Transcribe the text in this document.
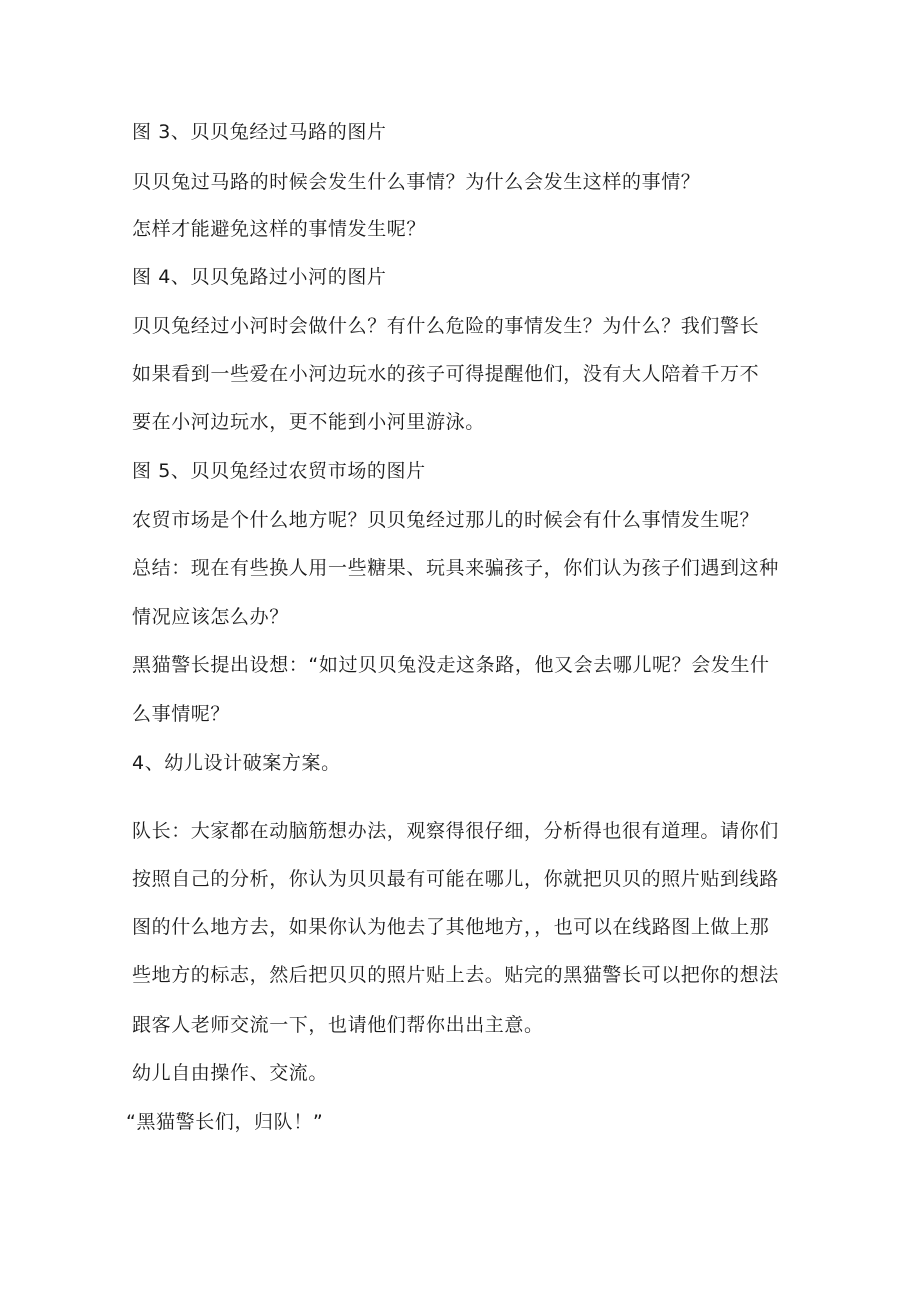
图 3、贝贝兔经过马路的图片
贝贝兔过马路的时候会发生什么事情？为什么会发生这样的事情？
怎样才能避免这样的事情发生呢？
图 4、贝贝兔路过小河的图片
贝贝兔经过小河时会做什么？有什么危险的事情发生？为什么？我们警长
如果看到一些爱在小河边玩水的孩子可得提醒他们，没有大人陪着千万不
要在小河边玩水，更不能到小河里游泳。
图 5、贝贝兔经过农贸市场的图片
农贸市场是个什么地方呢？贝贝兔经过那儿的时候会有什么事情发生呢？
总结：现在有些换人用一些糖果、玩具来骗孩子，你们认为孩子们遇到这种
情况应该怎么办？
黑猫警长提出设想：“如过贝贝兔没走这条路，他又会去哪儿呢？会发生什
么事情呢？
4、幼儿设计破案方案。
队长：大家都在动脑筋想办法，观察得很仔细，分析得也很有道理。请你们
按照自己的分析，你认为贝贝最有可能在哪儿，你就把贝贝的照片贴到线路
图的什么地方去，如果你认为他去了其他地方，，也可以在线路图上做上那
些地方的标志，然后把贝贝的照片贴上去。贴完的黑猫警长可以把你的想法
跟客人老师交流一下，也请他们帮你出出主意。
幼儿自由操作、交流。
“黑猫警长们，归队！”
